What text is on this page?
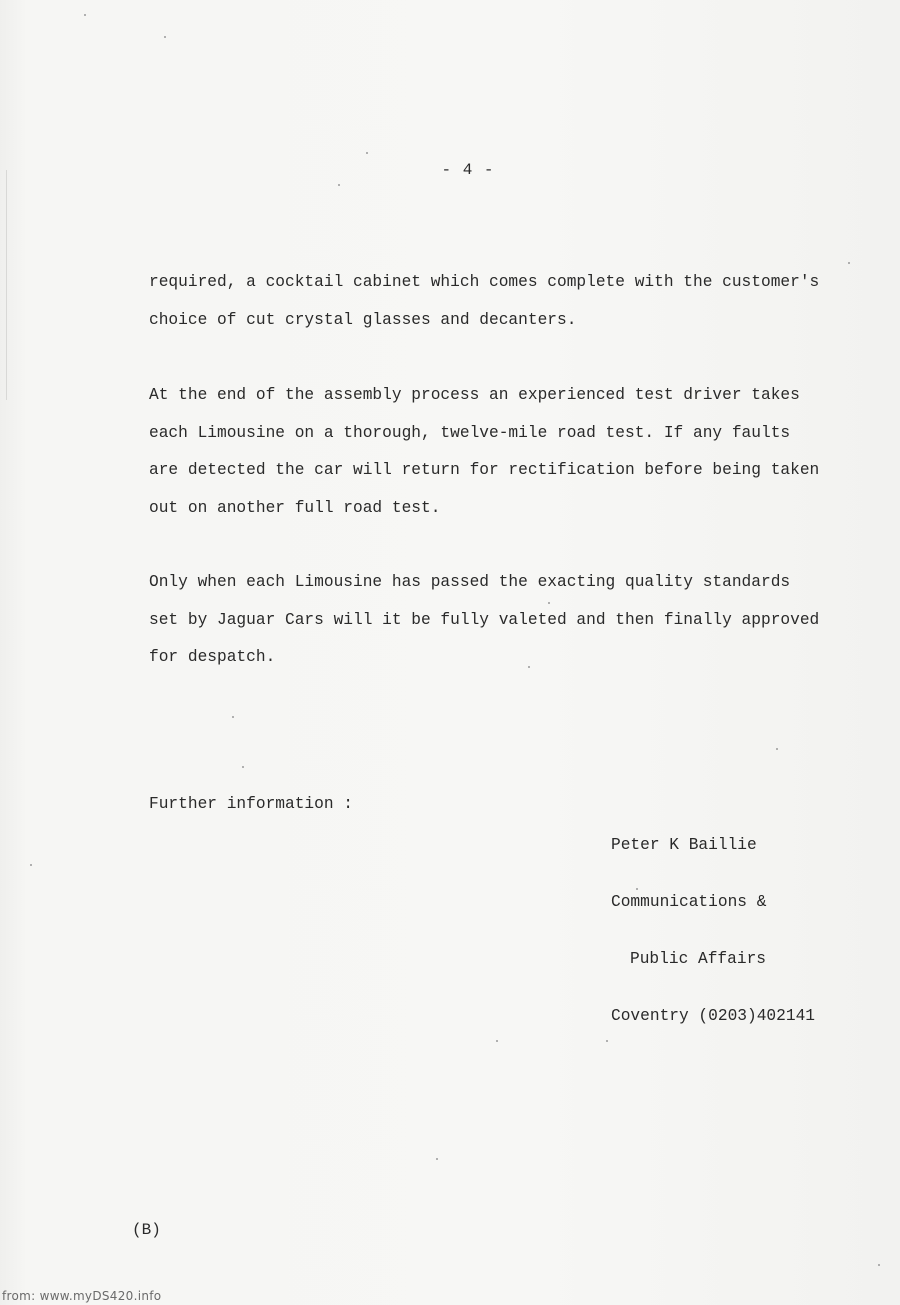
- 4 -
required, a cocktail cabinet which comes complete with the customer's
choice of cut crystal glasses and decanters.
At the end of the assembly process an experienced test driver takes
each Limousine on a thorough, twelve-mile road test. If any faults
are detected the car will return for rectification before being taken
out on another full road test.
Only when each Limousine has passed the exacting quality standards
set by Jaguar Cars will it be fully valeted and then finally approved
for despatch.
Further information :

Peter K Baillie

Communications &

Public Affairs

Coventry (0203)402141

(B)
from: www.myDS420.info
